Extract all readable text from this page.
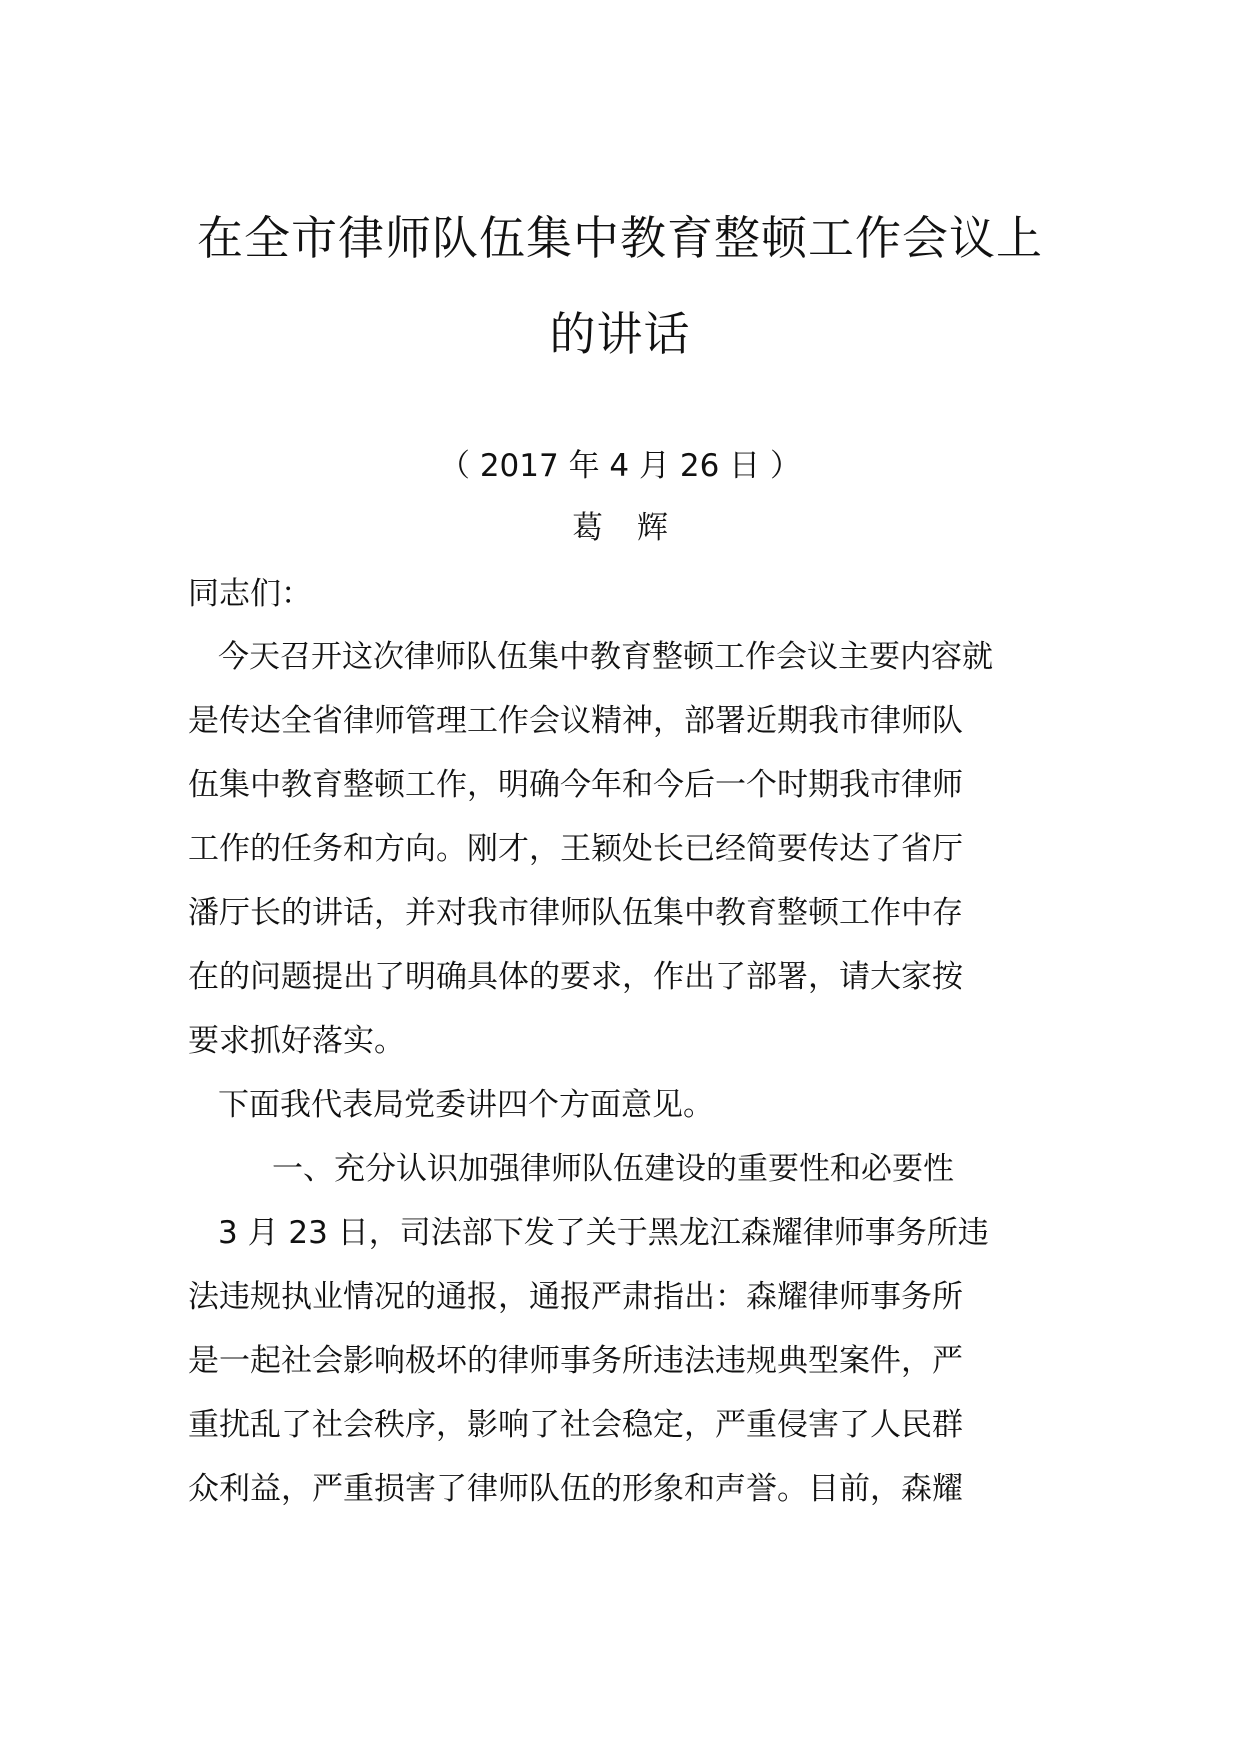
在全市律师队伍集中教育整顿工作会议上
的讲话
（ 2017 年 4 月 26 日 ）
葛 辉
同志们：
今天召开这次律师队伍集中教育整顿工作会议主要内容就
是传达全省律师管理工作会议精神，部署近期我市律师队
伍集中教育整顿工作，明确今年和今后一个时期我市律师
工作的任务和方向。刚才，王颖处长已经简要传达了省厅
潘厅长的讲话，并对我市律师队伍集中教育整顿工作中存
在的问题提出了明确具体的要求，作出了部署，请大家按
要求抓好落实。
下面我代表局党委讲四个方面意见。
一、充分认识加强律师队伍建设的重要性和必要性
3 月 23 日，司法部下发了关于黑龙江森耀律师事务所违
法违规执业情况的通报，通报严肃指出：森耀律师事务所
是一起社会影响极坏的律师事务所违法违规典型案件，严
重扰乱了社会秩序，影响了社会稳定，严重侵害了人民群
众利益，严重损害了律师队伍的形象和声誉。目前，森耀
